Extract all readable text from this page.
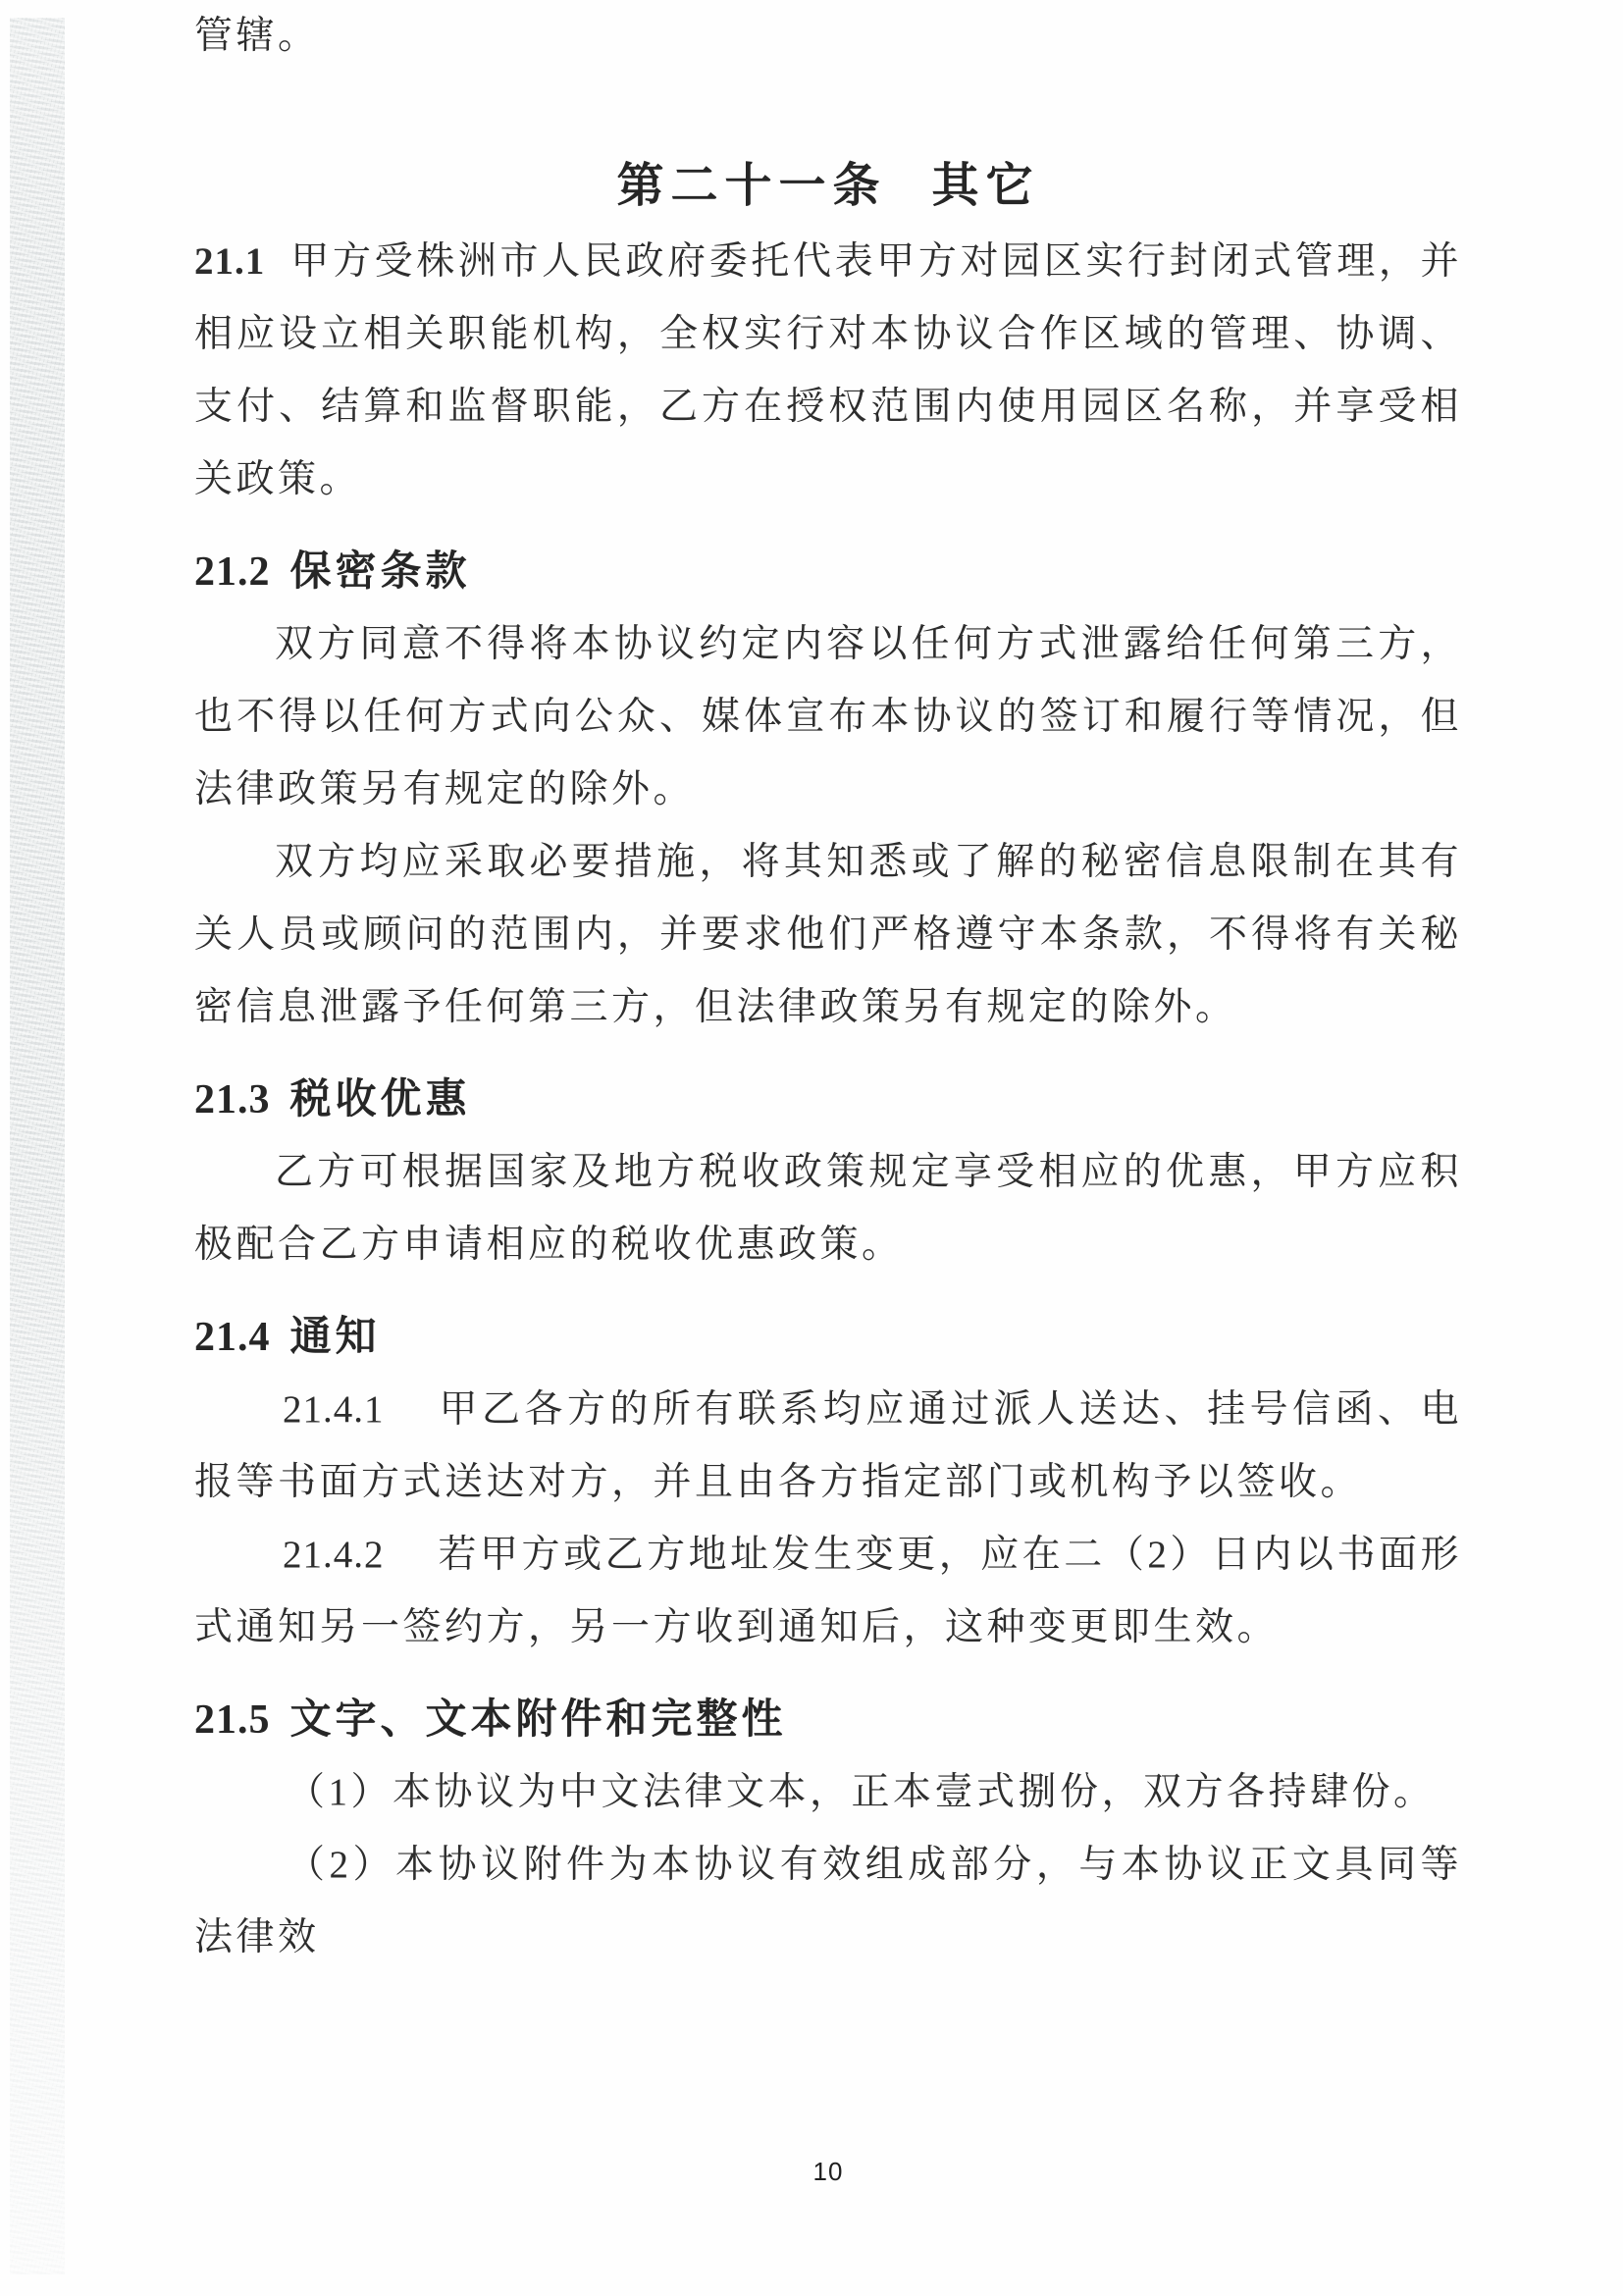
管辖。

第二十一条 其它

21.1 甲方受株洲市人民政府委托代表甲方对园区实行封闭式管理，并相应设立相关职能机构，全权实行对本协议合作区域的管理、协调、支付、结算和监督职能，乙方在授权范围内使用园区名称，并享受相关政策。

21.2 保密条款

双方同意不得将本协议约定内容以任何方式泄露给任何第三方，也不得以任何方式向公众、媒体宣布本协议的签订和履行等情况，但法律政策另有规定的除外。

双方均应采取必要措施，将其知悉或了解的秘密信息限制在其有关人员或顾问的范围内，并要求他们严格遵守本条款，不得将有关秘密信息泄露予任何第三方，但法律政策另有规定的除外。

21.3 税收优惠

乙方可根据国家及地方税收政策规定享受相应的优惠，甲方应积极配合乙方申请相应的税收优惠政策。

21.4 通知

21.4.1 甲乙各方的所有联系均应通过派人送达、挂号信函、电报等书面方式送达对方，并且由各方指定部门或机构予以签收。

21.4.2 若甲方或乙方地址发生变更，应在二（2）日内以书面形式通知另一签约方，另一方收到通知后，这种变更即生效。

21.5 文字、文本附件和完整性

（1）本协议为中文法律文本，正本壹式捌份，双方各持肆份。

（2）本协议附件为本协议有效组成部分，与本协议正文具同等法律效

10
